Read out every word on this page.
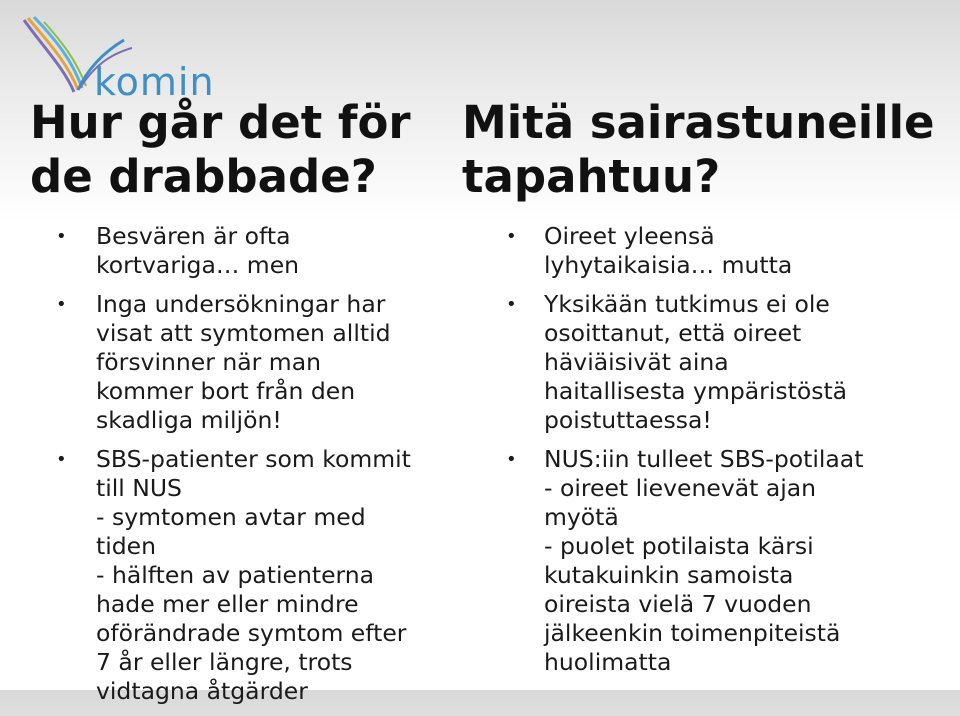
komin
Hur går det för
de drabbade?
• Besvären är ofta
kortvariga… men
• Inga undersökningar har
visat att symtomen alltid
försvinner när man
kommer bort från den
skadliga miljön!
• SBS-patienter som kommit
till NUS
- symtomen avtar med
tiden
- hälften av patienterna
hade mer eller mindre
oförändrade symtom efter
7 år eller längre, trots
vidtagna åtgärder
Mitä sairastuneille
tapahtuu?
• Oireet yleensä
lyhytaikaisia… mutta
• Yksikään tutkimus ei ole
osoittanut, että oireet
häviäisivät aina
haitallisesta ympäristöstä
poistuttaessa!
• NUS:iin tulleet SBS-potilaat
- oireet lievenevät ajan
myötä
- puolet potilaista kärsi
kutakuinkin samoista
oireista vielä 7 vuoden
jälkeenkin toimenpiteistä
huolimatta
